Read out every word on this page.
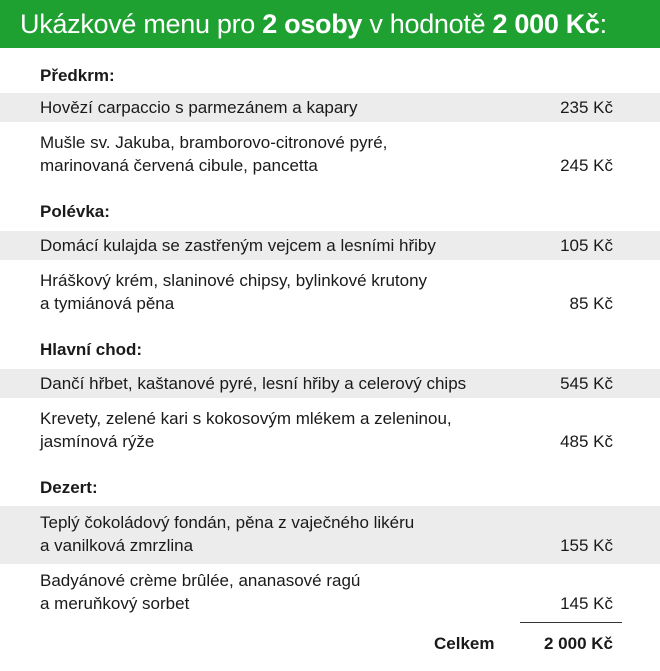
Ukázkové menu pro 2 osoby v hodnotě 2 000 Kč:
Předkrm:
Hovězí carpaccio s parmezánem a kapary	235 Kč
Mušle sv. Jakuba, bramborovo-citronové pyré,
marinovaná červená cibule, pancetta	245 Kč
Polévka:
Domácí kulajda se zastřeným vejcem a lesními hřiby	105 Kč
Hráškový krém, slaninové chipsy, bylinkové krutony
a tymiánová pěna	85 Kč
Hlavní chod:
Dančí hřbet, kaštanové pyré, lesní hřiby a celerový chips	545 Kč
Krevety, zelené kari s kokosovým mlékem a zeleninou,
jasmínová rýže	485 Kč
Dezert:
Teplý čokoládový fondán, pěna z vaječného likéru
a vanilková zmrzlina	155 Kč
Badyánové crème brûlée, ananasové ragú
a meruňkový sorbet	145 Kč
Celkem	2 000 Kč
